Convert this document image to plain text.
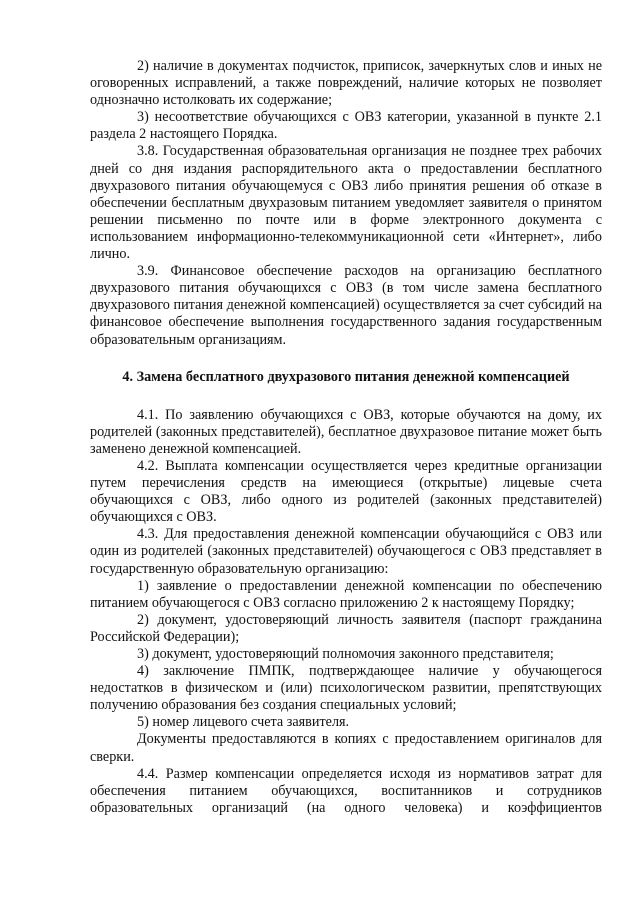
2) наличие в документах подчисток, приписок, зачеркнутых слов и иных не оговоренных исправлений, а также повреждений, наличие которых не позволяет однозначно истолковать их содержание;

3) несоответствие обучающихся с ОВЗ категории, указанной в пункте 2.1 раздела 2 настоящего Порядка.

3.8. Государственная образовательная организация не позднее трех рабочих дней со дня издания распорядительного акта о предоставлении бесплатного двухразового питания обучающемуся с ОВЗ либо принятия решения об отказе в обеспечении бесплатным двухразовым питанием уведомляет заявителя о принятом решении письменно по почте или в форме электронного документа с использованием информационно-телекоммуникационной сети «Интернет», либо лично.

3.9. Финансовое обеспечение расходов на организацию бесплатного двухразового питания обучающихся с ОВЗ (в том числе замена бесплатного двухразового питания денежной компенсацией) осуществляется за счет субсидий на финансовое обеспечение выполнения государственного задания государственным образовательным организациям.

4. Замена бесплатного двухразового питания денежной компенсацией

4.1. По заявлению обучающихся с ОВЗ, которые обучаются на дому, их родителей (законных представителей), бесплатное двухразовое питание может быть заменено денежной компенсацией.

4.2. Выплата компенсации осуществляется через кредитные организации путем перечисления средств на имеющиеся (открытые) лицевые счета обучающихся с ОВЗ, либо одного из родителей (законных представителей) обучающихся с ОВЗ.

4.3. Для предоставления денежной компенсации обучающийся с ОВЗ или один из родителей (законных представителей) обучающегося с ОВЗ представляет в государственную образовательную организацию:

1) заявление о предоставлении денежной компенсации по обеспечению питанием обучающегося с ОВЗ согласно приложению 2 к настоящему Порядку;

2) документ, удостоверяющий личность заявителя (паспорт гражданина Российской Федерации);

3) документ, удостоверяющий полномочия законного представителя;

4) заключение ПМПК, подтверждающее наличие у обучающегося недостатков в физическом и (или) психологическом развитии, препятствующих получению образования без создания специальных условий;

5) номер лицевого счета заявителя.

Документы предоставляются в копиях с предоставлением оригиналов для сверки.

4.4. Размер компенсации определяется исходя из нормативов затрат для обеспечения питанием обучающихся, воспитанников и сотрудников образовательных организаций (на одного человека) и коэффициентов
